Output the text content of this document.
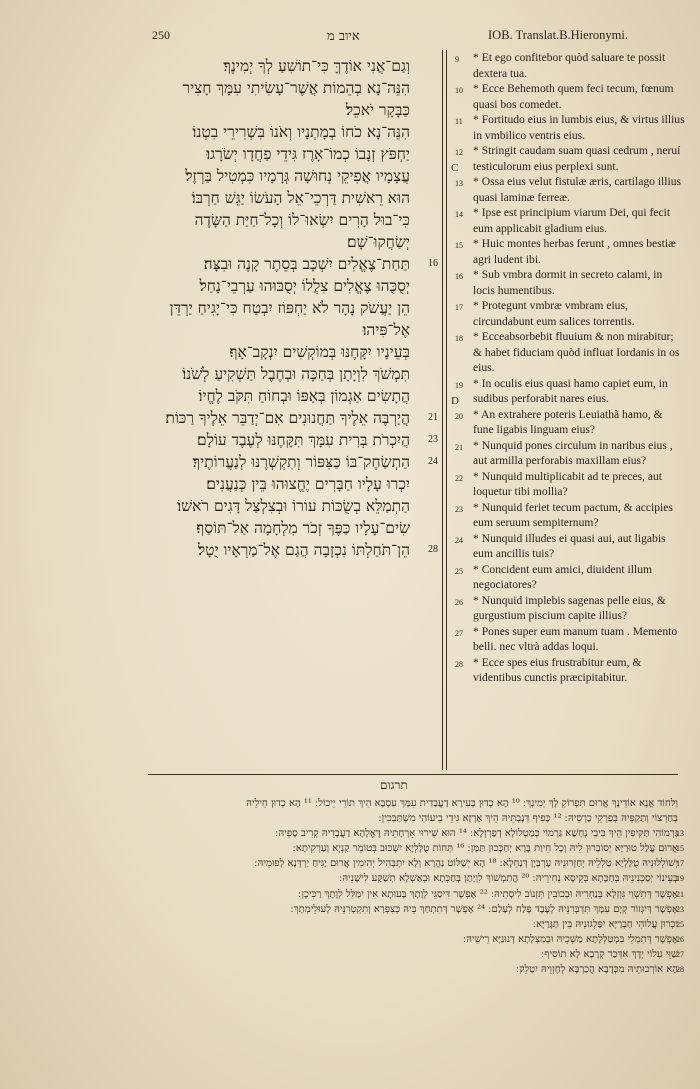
250	איוב מ	IOB. Translat.B.Hieronymi.
וְגַם־אֲנִי אוֹדֶךָּ כִּי־תוֹשִׁעַ לְךָ יְמִינֶךָ׃
הִנֵּה־נָא בְהֵמוֹת אֲשֶׁר־עָשִׂיתִי עִמָּךְ חָצִיר כַּבָּקָר יֹאכֵל׃
הִנֵּה־נָא כֹחוֹ בְמָתְנָיו וְאֹנוֹ בִּשְׁרִירֵי בִטְנוֹ׃
יַחְפֹּץ זְנָבוֹ כְמוֹ־אָרֶז גִּידֵי פַחֲדָו יְשֹׂרָגוּ׃
עֲצָמָיו אֲפִיקֵי נְחוּשָׁה גְּרָמָיו כִּמְטִיל בַּרְזֶל׃
הוּא רֵאשִׁית דַּרְכֵי־אֵל הָעֹשׂוֹ יַגֵּשׁ חַרְבּוֹ׃
כִּי־בוּל הָרִים יִשְׂאוּ־לוֹ וְכָל־חַיַּת הַשָּׂדֶה יְשַׂחֲקוּ־שָׁם׃
16
תַּחַת־צֶאֱלִים יִשְׁכָּב בְּסֵתֶר קָנֶה וּבִצָּה׃
יְסֻכֻּהוּ צֶאֱלִים צִלֲלוֹ יְסֻבּוּהוּ עַרְבֵי־נָחַל׃
הֵן יַעֲשֹׁק נָהָר לֹא יַחְפּוֹז יִבְטַח כִּי־יָגִיחַ יַרְדֵּן אֶל־פִּיהוּ׃
בְּעֵינָיו יִקָּחֶנּוּ בְּמוֹקְשִׁים יִנְקָב־אָף׃
תִּמְשֹׁךְ לִוְיָתָן בְּחַכָּה וּבְחֶבֶל תַּשְׁקִיעַ לְשֹׁנוֹ׃
הֲתָשִׂים אַגְמוֹן בְּאַפּוֹ וּבְחוֹחַ תִּקֹּב לֶחֱיוֹ׃
21
הֲיַרְבֶּה אֵלֶיךָ תַּחֲנוּנִים אִם־יְדַבֵּר אֵלֶיךָ רַכּוֹת׃
23
הֲיִכְרֹת בְּרִית עִמָּךְ תִּקָּחֶנּוּ לְעֶבֶד עוֹלָם׃
24
הַתְשַׂחֶק־בּוֹ כַּצִּפּוֹר וְתִקְשְׁרֶנּוּ לְנַעֲרוֹתֶיךָ׃
יִכְרוּ עָלָיו חַבָּרִים יֶחֱצוּהוּ בֵּין כְּנַעֲנִים׃
הַתְמַלֵּא בְשֻׂכּוֹת עוֹרוֹ וּבְצִלְצַל דָּגִים רֹאשׁוֹ׃
שִׂים־עָלָיו כַּפֶּךָ זְכֹר מִלְחָמָה אַל־תּוֹסַף׃
28
הֵן־תֹּחַלְתּוֹ נִכְזָבָה הֲגַם אֶל־מַרְאָיו יֻטָל׃
9 * Et ego confitebor quòd saluare te possit dextera tua.
10 * Ecce Behemoth quem feci tecum, fœnum quasi bos comedet.
11 * Fortitudo eius in lumbis eius, & virtus illius in vmbilico ventris eius.
12
C
* Stringit caudam suam quasi cedrum , neruí testiculorum eius perplexi sunt.
13 * Ossa eius velut fistulæ æris, cartilago illius quasi laminæ ferreæ.
14 * Ipse est principium viarum Dei, qui fecit eum applicabit gladium eius.
15 * Huic montes herbas ferunt , omnes bestiæ agri ludent ibi.
16 * Sub vmbra dormit in secreto calami, in locis humentibus.
17 * Protegunt vmbræ vmbram eius, circundabunt eum salices torrentis.
18 * Ecceabsorbebit fluuium & non mirabitur; & habet fiduciam quòd influat Iordanis in os eius.
19
D
* In oculis eius quasi hamo capiet eum, in sudibus perforabit nares eius.
20 * An extrahere poteris Leuiathã hamo, & fune ligabis linguam eius?
21 * Nunquid pones circulum in naribus eius , aut armilla perforabis maxillam eius?
22 * Nunquid multiplicabit ad te preces, aut loquetur tibi mollia?
23 * Nunquid feriet tecum pactum, & accipies eum seruum sempiternum?
24 * Nunquid illudes ei quasi aui, aut ligabis eum ancillis tuis?
25 * Concident eum amici, diuident illum negociatores?
26 * Nunquid implebis sagenas pelle eius, & gurgustium piscium capite illius?
27 * Pones super eum manum tuam . Memento belli. nec vltrà addas loqui.
28 * Ecce spes eius frustrabitur eum, & videntibus cunctis præcipitabitur.
תרגום
וְלחוֹד אֲנָא אוֹדֵינָךְ אֲרוּם תִּפְרוֹקְ לָךְ יְמִינָךְ ׃ ¹⁰ הָא כְדוּן בְּעִירָא דַעֲבַדִית עִמָּךְ עִסְבָּא הֵיךְ תוֹרֵי יֵיכוֹל ׃ ¹¹ הָא כְדוּן חֵילֵיהּ
בְּחַרְצוֹי וְתַקְפֵּיהּ בְּפַרְקֵי כַרְסֵיהּ ׃ ¹² כָּפִיף דְּנָבְתֵּיהּ הֵיךְ אַרְזָא גִּידֵי בֵיעוֹהִי מִשְׁתַּבְּכִין ׃
13
גַּרְמוֹהִי תַּקִּיפִין הֵיךְ בִּיבֵי נְחָשָׁא גַּרְמוֹי כְּמַטְלוֹלָא דְפַרְזְלָא ׃ ¹⁴ הוּא שֵׁירוּי אָרְחָתֵיהּ דֶּאֱלָהָא דַעֲבָדֵיהּ קְרִיב סָפֵיהּ ׃
15
אֲרוּם עֲלַל טוּרַיָּא יְסוֹבְרוּן לֵיהּ וְכָל חֵיוַת בָּרָא יְחַכְּכוּן תַּמָּן ׃ ¹⁶ תְּחוֹת טֻלָּלְיָא יִשְׁכּוּב בְּטוֹמֵר קַנְיָא וְעַרְקִיתָא ׃
17
יְשׁוֹלְלוּנֵיהּ טֻלָּלְיָא טַלְלֵיהּ יְחַזְרוּנֵיהּ עַרְבְּיָן דְּנַחְלָא ׃ ¹⁸ הָא יְשַׁלּוֹט נַהֲרָא וְלָא יִתְבְּהִיל יְהִימִין אֲרוּם יַגִּיחַ יַרְדְּנָא לְפוּמֵיהּ ׃
19
בְּעֵינוֹי יְסַכְּנִינֵיהּ בְּחַכָּתָא בְּקֵיסָא נְחִירֵיהּ ׃ ²⁰ הֲתִמְשׁוֹךְ לִוְיָתָן בְּחַכְּתָא וּבְאַשְׁלָא תְשַׁקַּע לִישָׁנֵיהּ ׃
21
אֶפְשָׁר דְּתִשְׁוֵי גִּוְזְלָא בְּנַחְרֵיהּ וּבְכוֹבִין תִּזְנוֹב לִיסָתֵיהּ ׃ ²² אֶפְשָׁר דִּיסַגֵּי לְוָתָךְ בָּעוּתָא אִין יִמַּלֵּל לְוָתָךְ רַכִּיכָן ׃
23
אֶפְשָׁר דְּיִגְזוֹר קְיָם עִמָּךְ תִּדְבְּרִנֵּיהּ לְעֶבֶד פָּלַח לְעָלַם ׃ ²⁴ אֶפְשָׁר דְּתִתְחַךְ בֵּיהּ כְּצִפְּרָא וְתִקְטְרִנֵּיהּ לְעוּלֵימְתָךְ ׃
25
יִכְרוּן עֲלוֹהִי חַבְרַיָּא יִפַּלְגוּנֵיהּ בֵּין תַּגָּרַיָּא ׃
26
אֶפְשָׁר דְּתִמְלֵי בִּמְטַלְלָתָא מַשְׁכֵיהּ וּבְמִצְלְתָא דְנוּנַיָּא רֵישֵׁיהּ ׃
27
שַׁוֵּי עִלוֹי יְדָךְ אִדְּכַר קְרָבָא לָא תוֹסִיף ׃
28
הָא אוֹרְכוּתֵיהּ מִכְּדָבָא הֲכַרְבָּא לְחֶזְוֵיהּ יִטְלֵק ׃
